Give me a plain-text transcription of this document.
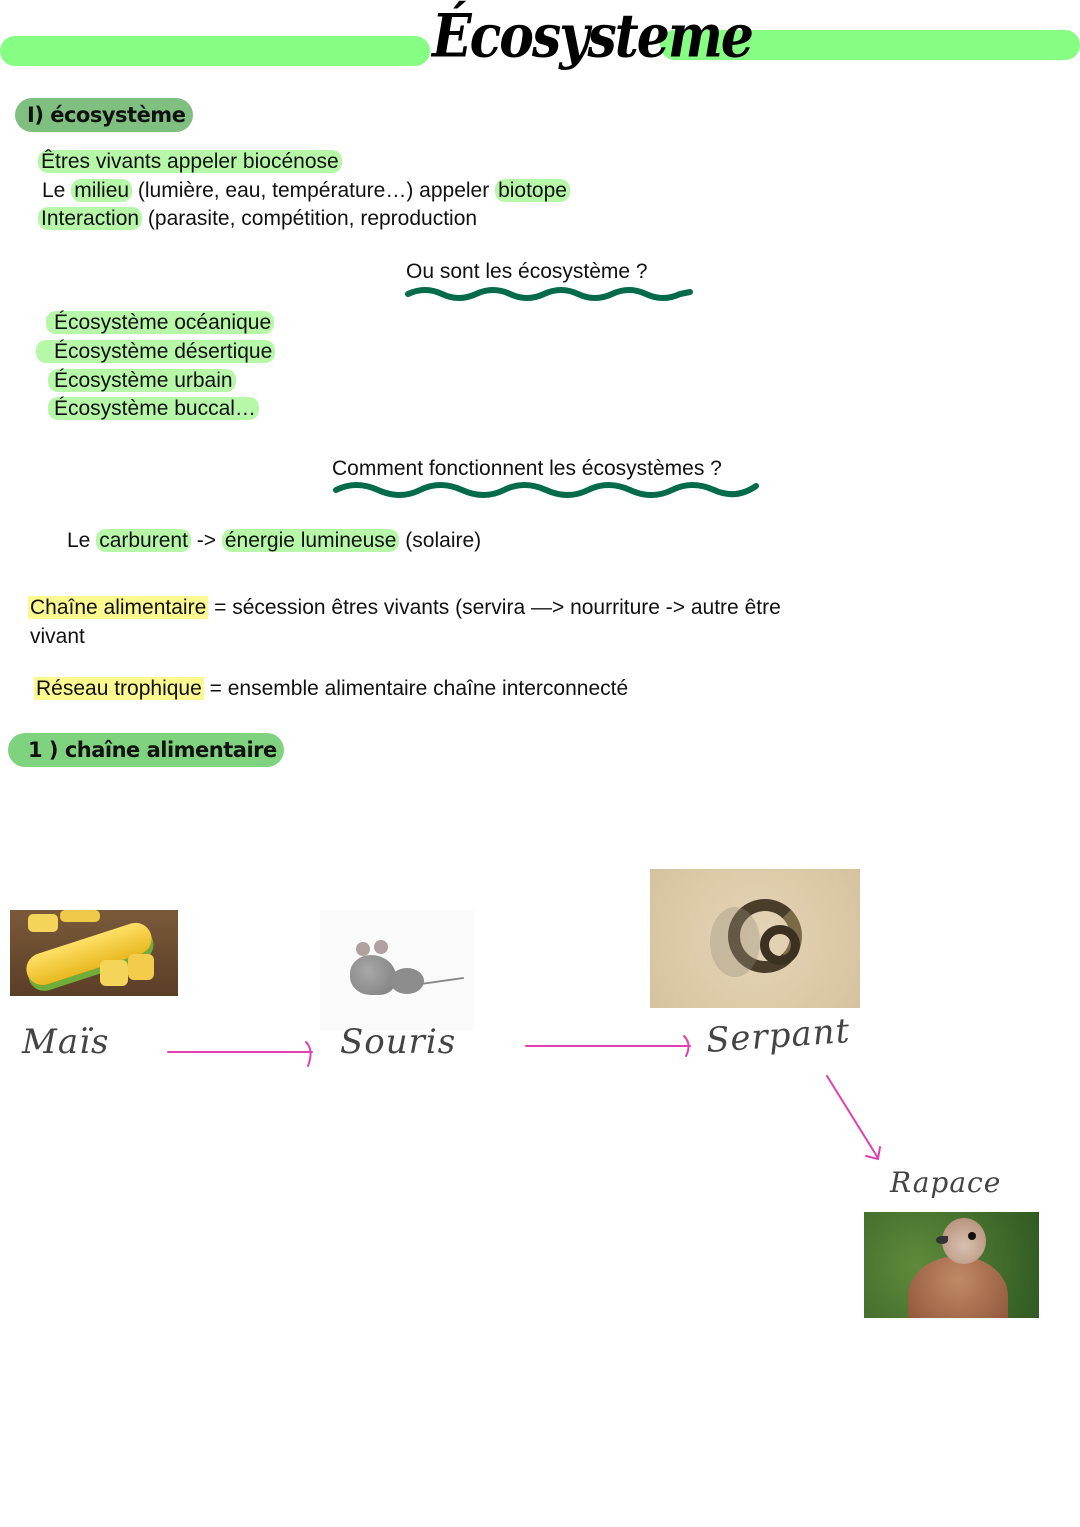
Écosysteme
I) écosystème
Êtres vivants appeler biocénose
Le milieu (lumière, eau, température…) appeler biotope
Interaction (parasite, compétition, reproduction
Ou sont les écosystème ?
Écosystème océanique
Écosystème désertique
Écosystème urbain
Écosystème buccal…
Comment fonctionnent les écosystèmes ?
Le carburent -> énergie lumineuse (solaire)
Chaîne alimentaire = sécession êtres vivants (servira —> nourriture -> autre être
vivant
Réseau trophique = ensemble alimentaire chaîne interconnecté
1 ) chaîne alimentaire
Maïs	Souris	Serpant
Rapace
